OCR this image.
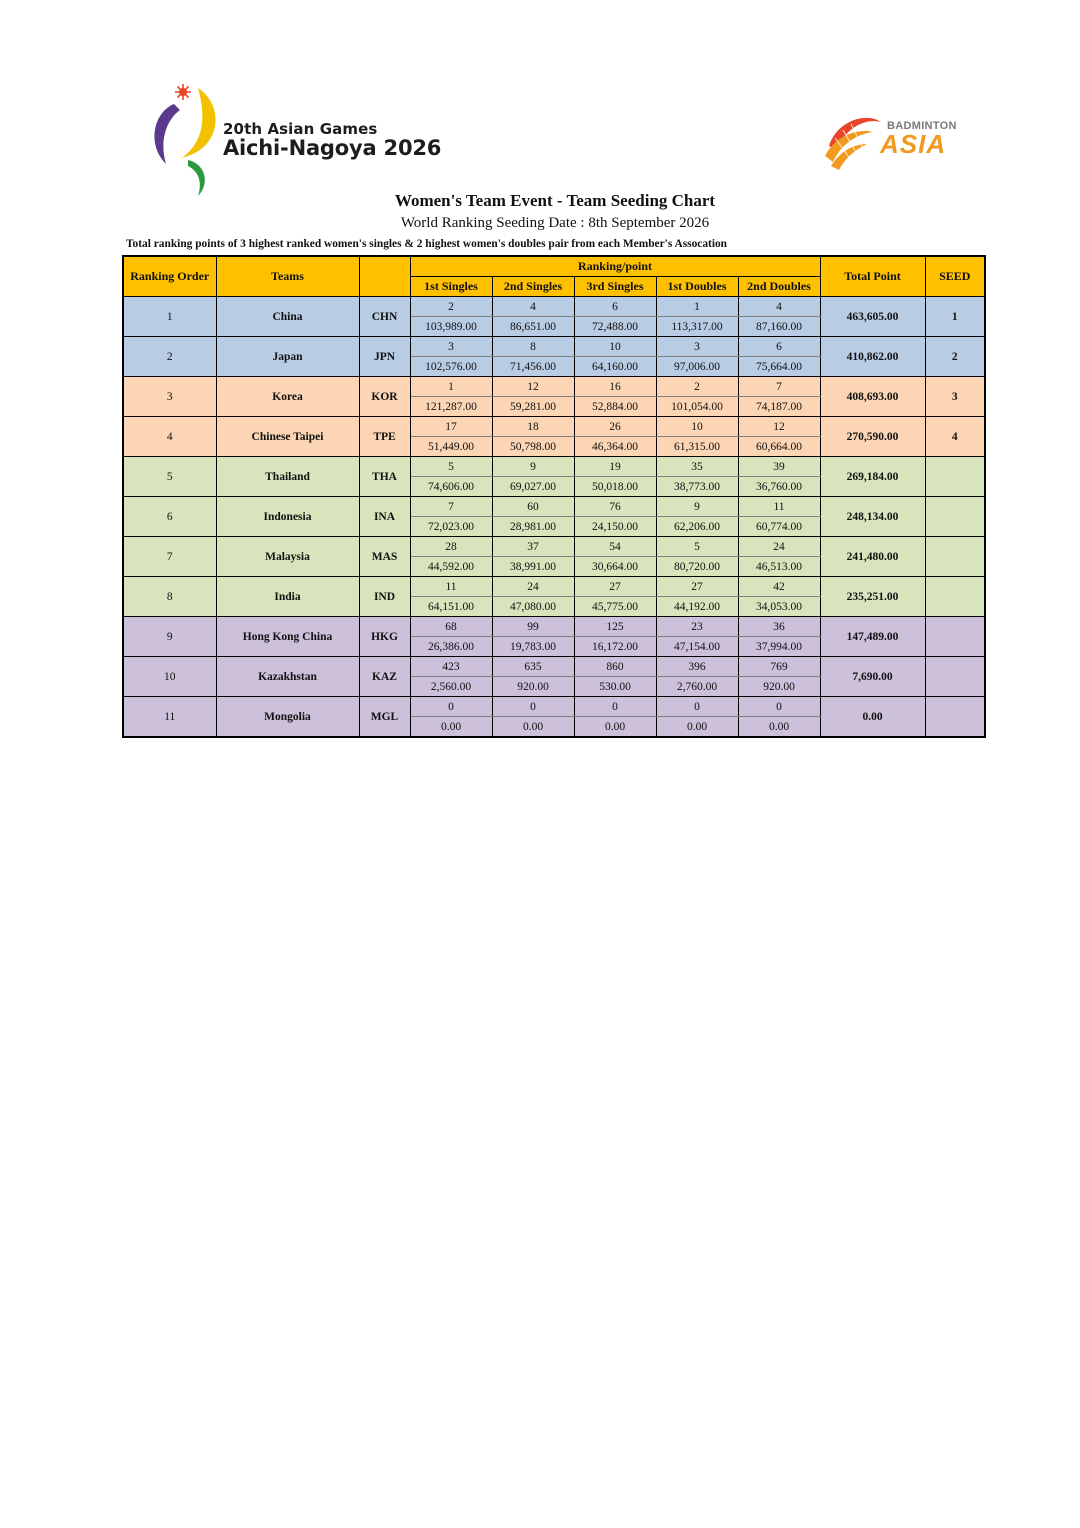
20th Asian Games
Aichi-Nagoya 2026
BADMINTON
ASIA
Women's Team Event - Team Seeding Chart
World Ranking Seeding Date : 8th September 2026
Total ranking points of 3 highest ranked women's singles & 2 highest women's doubles pair from each Member's Assocation
Ranking Order	Teams		Ranking/point					Total Point	SEED
			1st Singles	2nd Singles	3rd Singles	1st Doubles	2nd Doubles		
1	China	CHN	2	4	6	1	4	463,605.00	1
			103,989.00	86,651.00	72,488.00	113,317.00	87,160.00		
2	Japan	JPN	3	8	10	3	6	410,862.00	2
			102,576.00	71,456.00	64,160.00	97,006.00	75,664.00		
3	Korea	KOR	1	12	16	2	7	408,693.00	3
			121,287.00	59,281.00	52,884.00	101,054.00	74,187.00		
4	Chinese Taipei	TPE	17	18	26	10	12	270,590.00	4
			51,449.00	50,798.00	46,364.00	61,315.00	60,664.00		
5	Thailand	THA	5	9	19	35	39	269,184.00	
			74,606.00	69,027.00	50,018.00	38,773.00	36,760.00		
6	Indonesia	INA	7	60	76	9	11	248,134.00	
			72,023.00	28,981.00	24,150.00	62,206.00	60,774.00		
7	Malaysia	MAS	28	37	54	5	24	241,480.00	
			44,592.00	38,991.00	30,664.00	80,720.00	46,513.00		
8	India	IND	11	24	27	27	42	235,251.00	
			64,151.00	47,080.00	45,775.00	44,192.00	34,053.00		
9	Hong Kong China	HKG	68	99	125	23	36	147,489.00	
			26,386.00	19,783.00	16,172.00	47,154.00	37,994.00		
10	Kazakhstan	KAZ	423	635	860	396	769	7,690.00	
			2,560.00	920.00	530.00	2,760.00	920.00		
11	Mongolia	MGL	0	0	0	0	0	0.00	
			0.00	0.00	0.00	0.00	0.00		
